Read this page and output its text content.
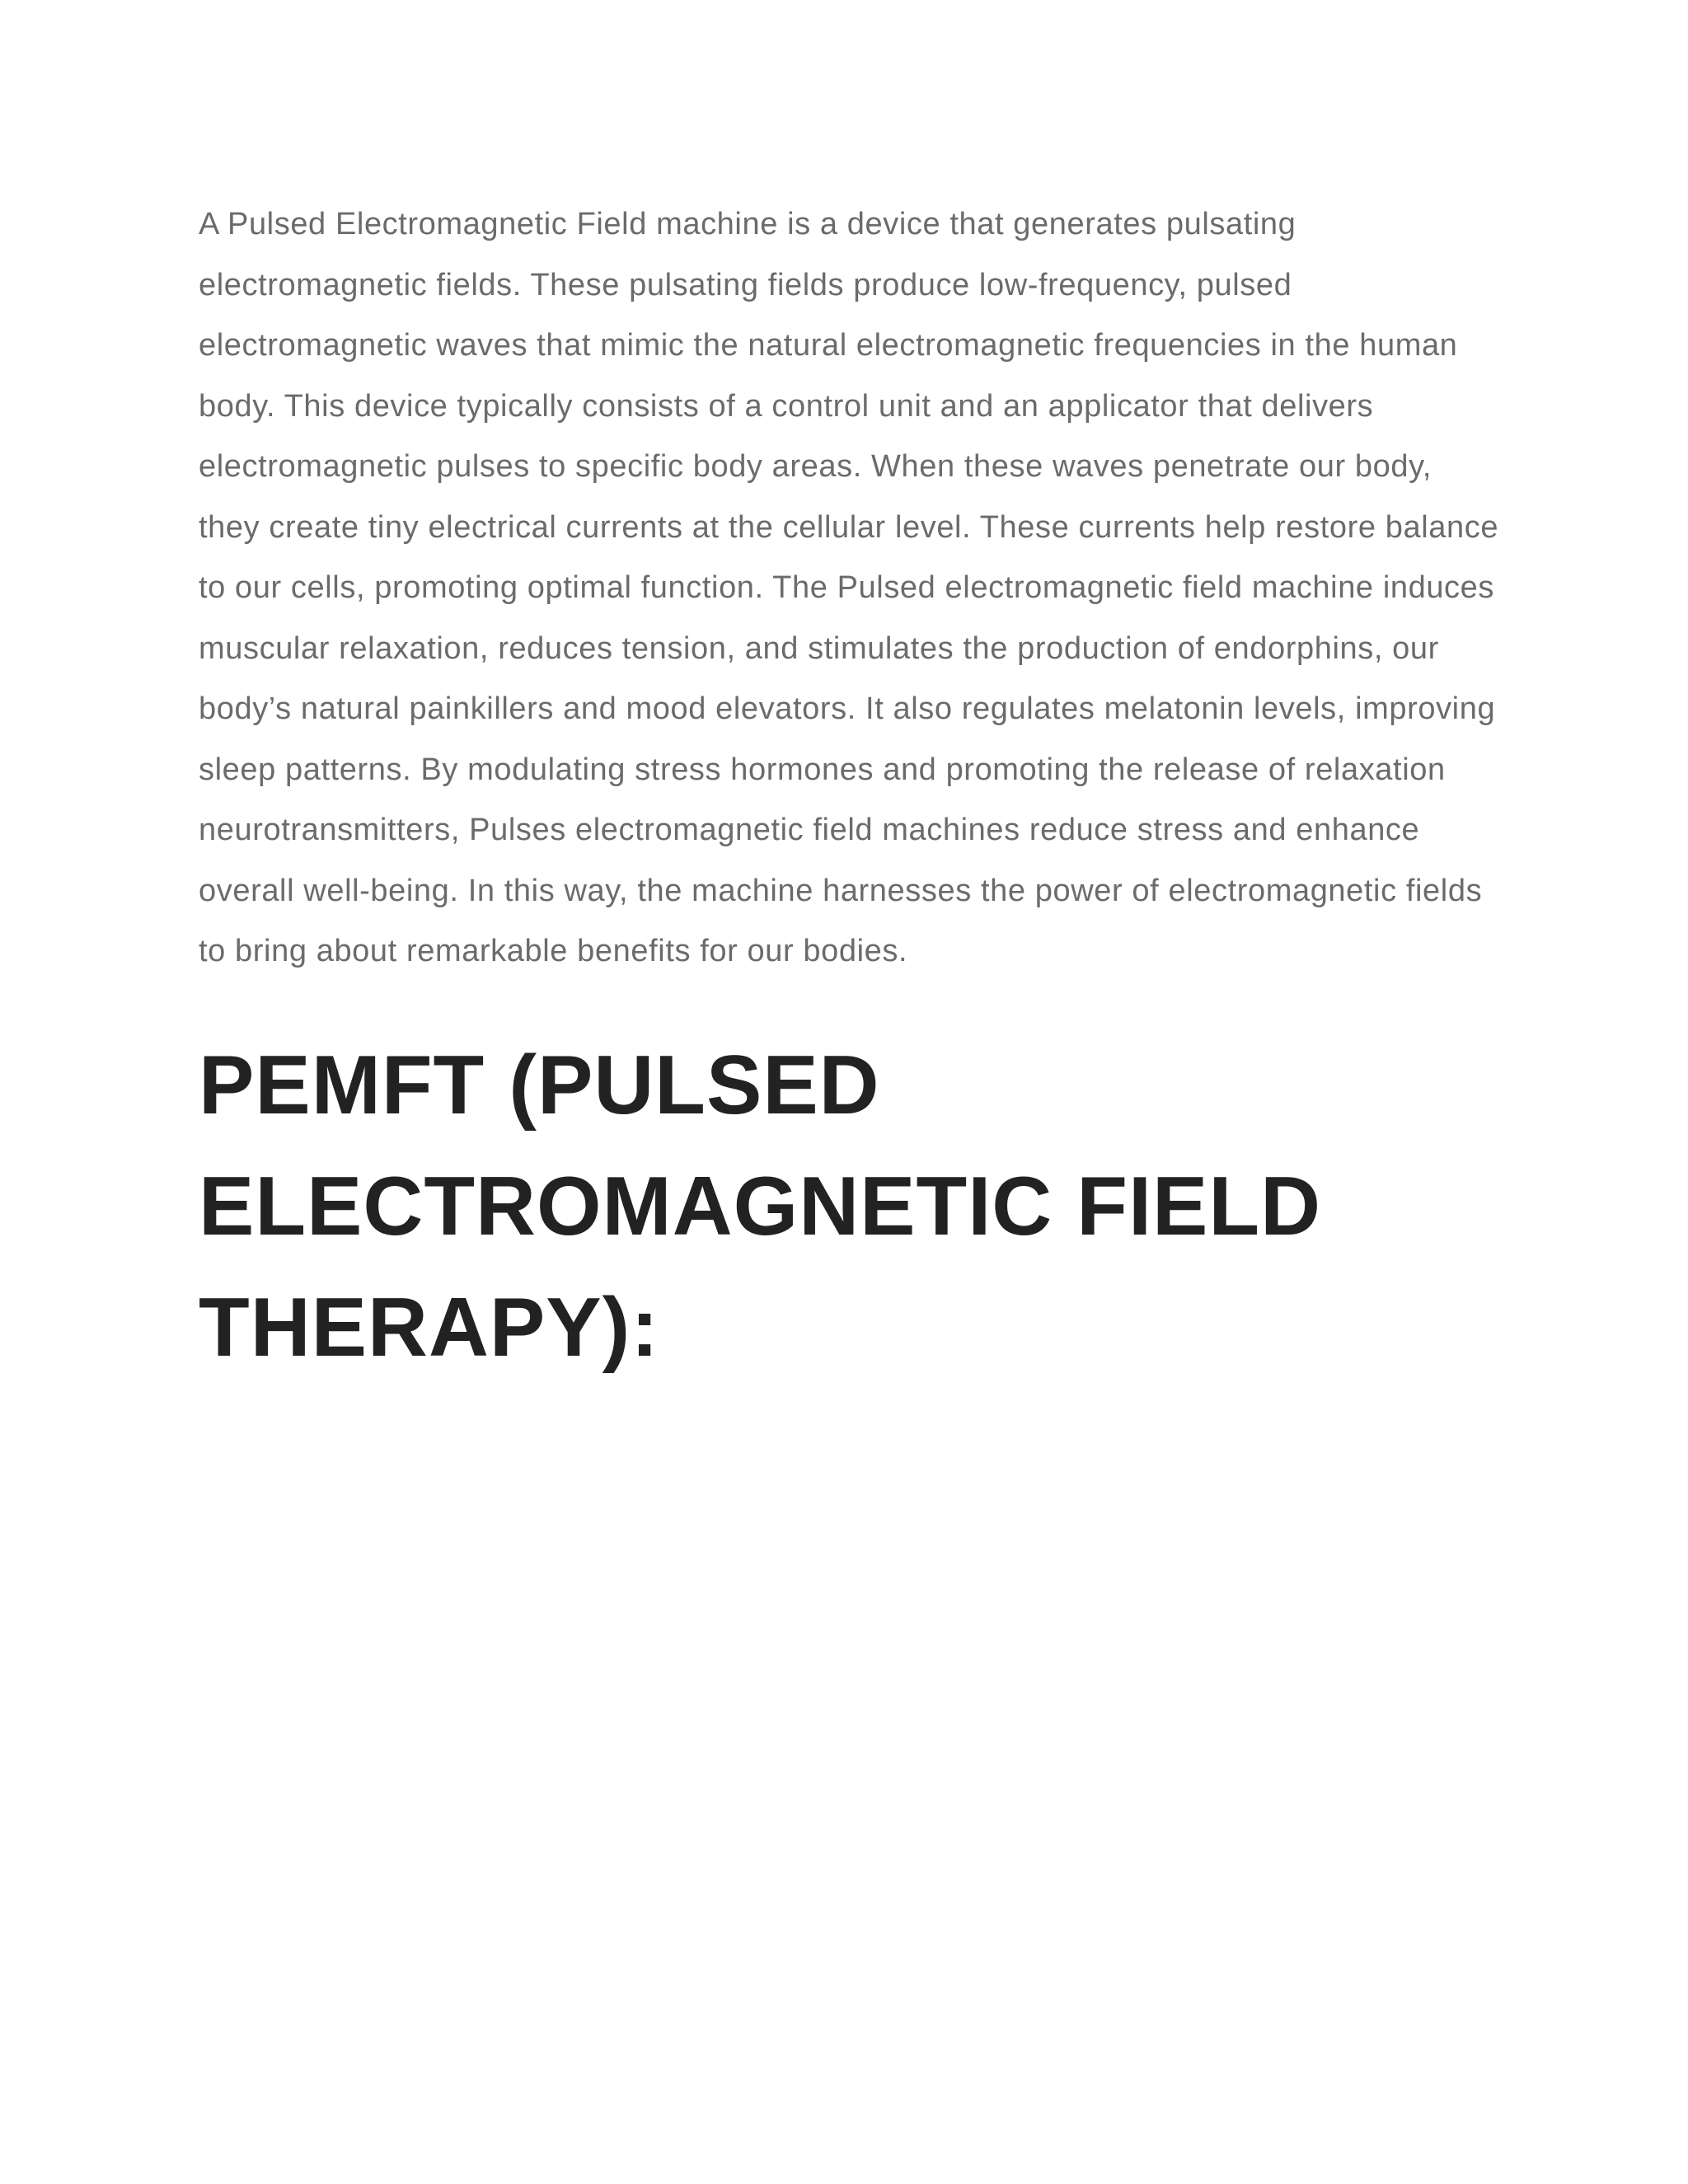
A Pulsed Electromagnetic Field machine is a device that generates pulsating electromagnetic fields. These pulsating fields produce low-frequency, pulsed electromagnetic waves that mimic the natural electromagnetic frequencies in the human body. This device typically consists of a control unit and an applicator that delivers electromagnetic pulses to specific body areas. When these waves penetrate our body, they create tiny electrical currents at the cellular level. These currents help restore balance to our cells, promoting optimal function. The Pulsed electromagnetic field machine induces muscular relaxation, reduces tension, and stimulates the production of endorphins, our body’s natural painkillers and mood elevators. It also regulates melatonin levels, improving sleep patterns. By modulating stress hormones and promoting the release of relaxation neurotransmitters, Pulses electromagnetic field machines reduce stress and enhance overall well-being. In this way, the machine harnesses the power of electromagnetic fields to bring about remarkable benefits for our bodies.

PEMFT (PULSED ELECTROMAGNETIC FIELD THERAPY):
